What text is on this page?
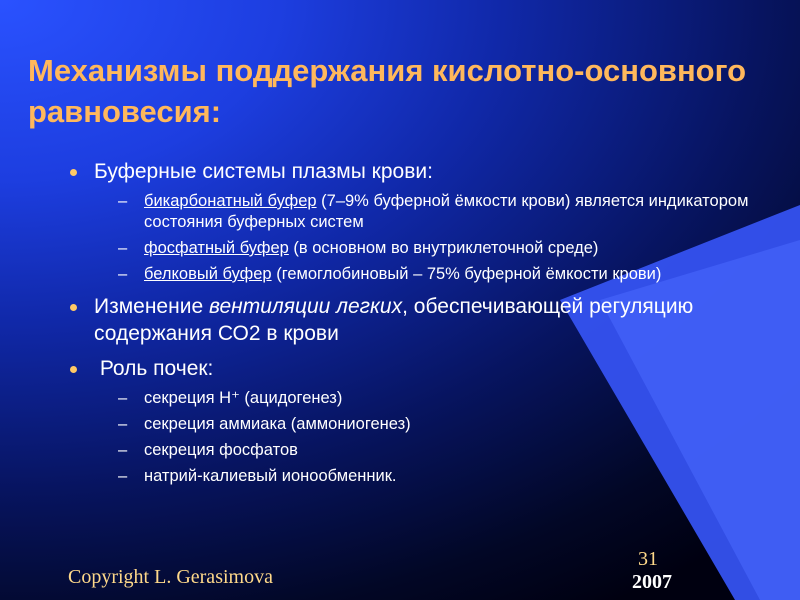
Механизмы поддержания кислотно-основного равновесия:
Буферные системы плазмы крови:
– бикарбонатный буфер (7–9% буферной ёмкости крови) является индикатором состояния буферных систем
– фосфатный буфер (в основном во внутриклеточной среде)
– белковый буфер (гемоглобиновый – 75% буферной ёмкости крови)
Изменение вентиляции легких, обеспечивающей регуляцию содержания СО2 в крови
Роль почек:
– секреция Н⁺ (ацидогенез)
– секреция аммиака (аммониогенез)
– секреция фосфатов
– натрий-калиевый ионообменник.
Copyright L. Gerasimova
31
2007
